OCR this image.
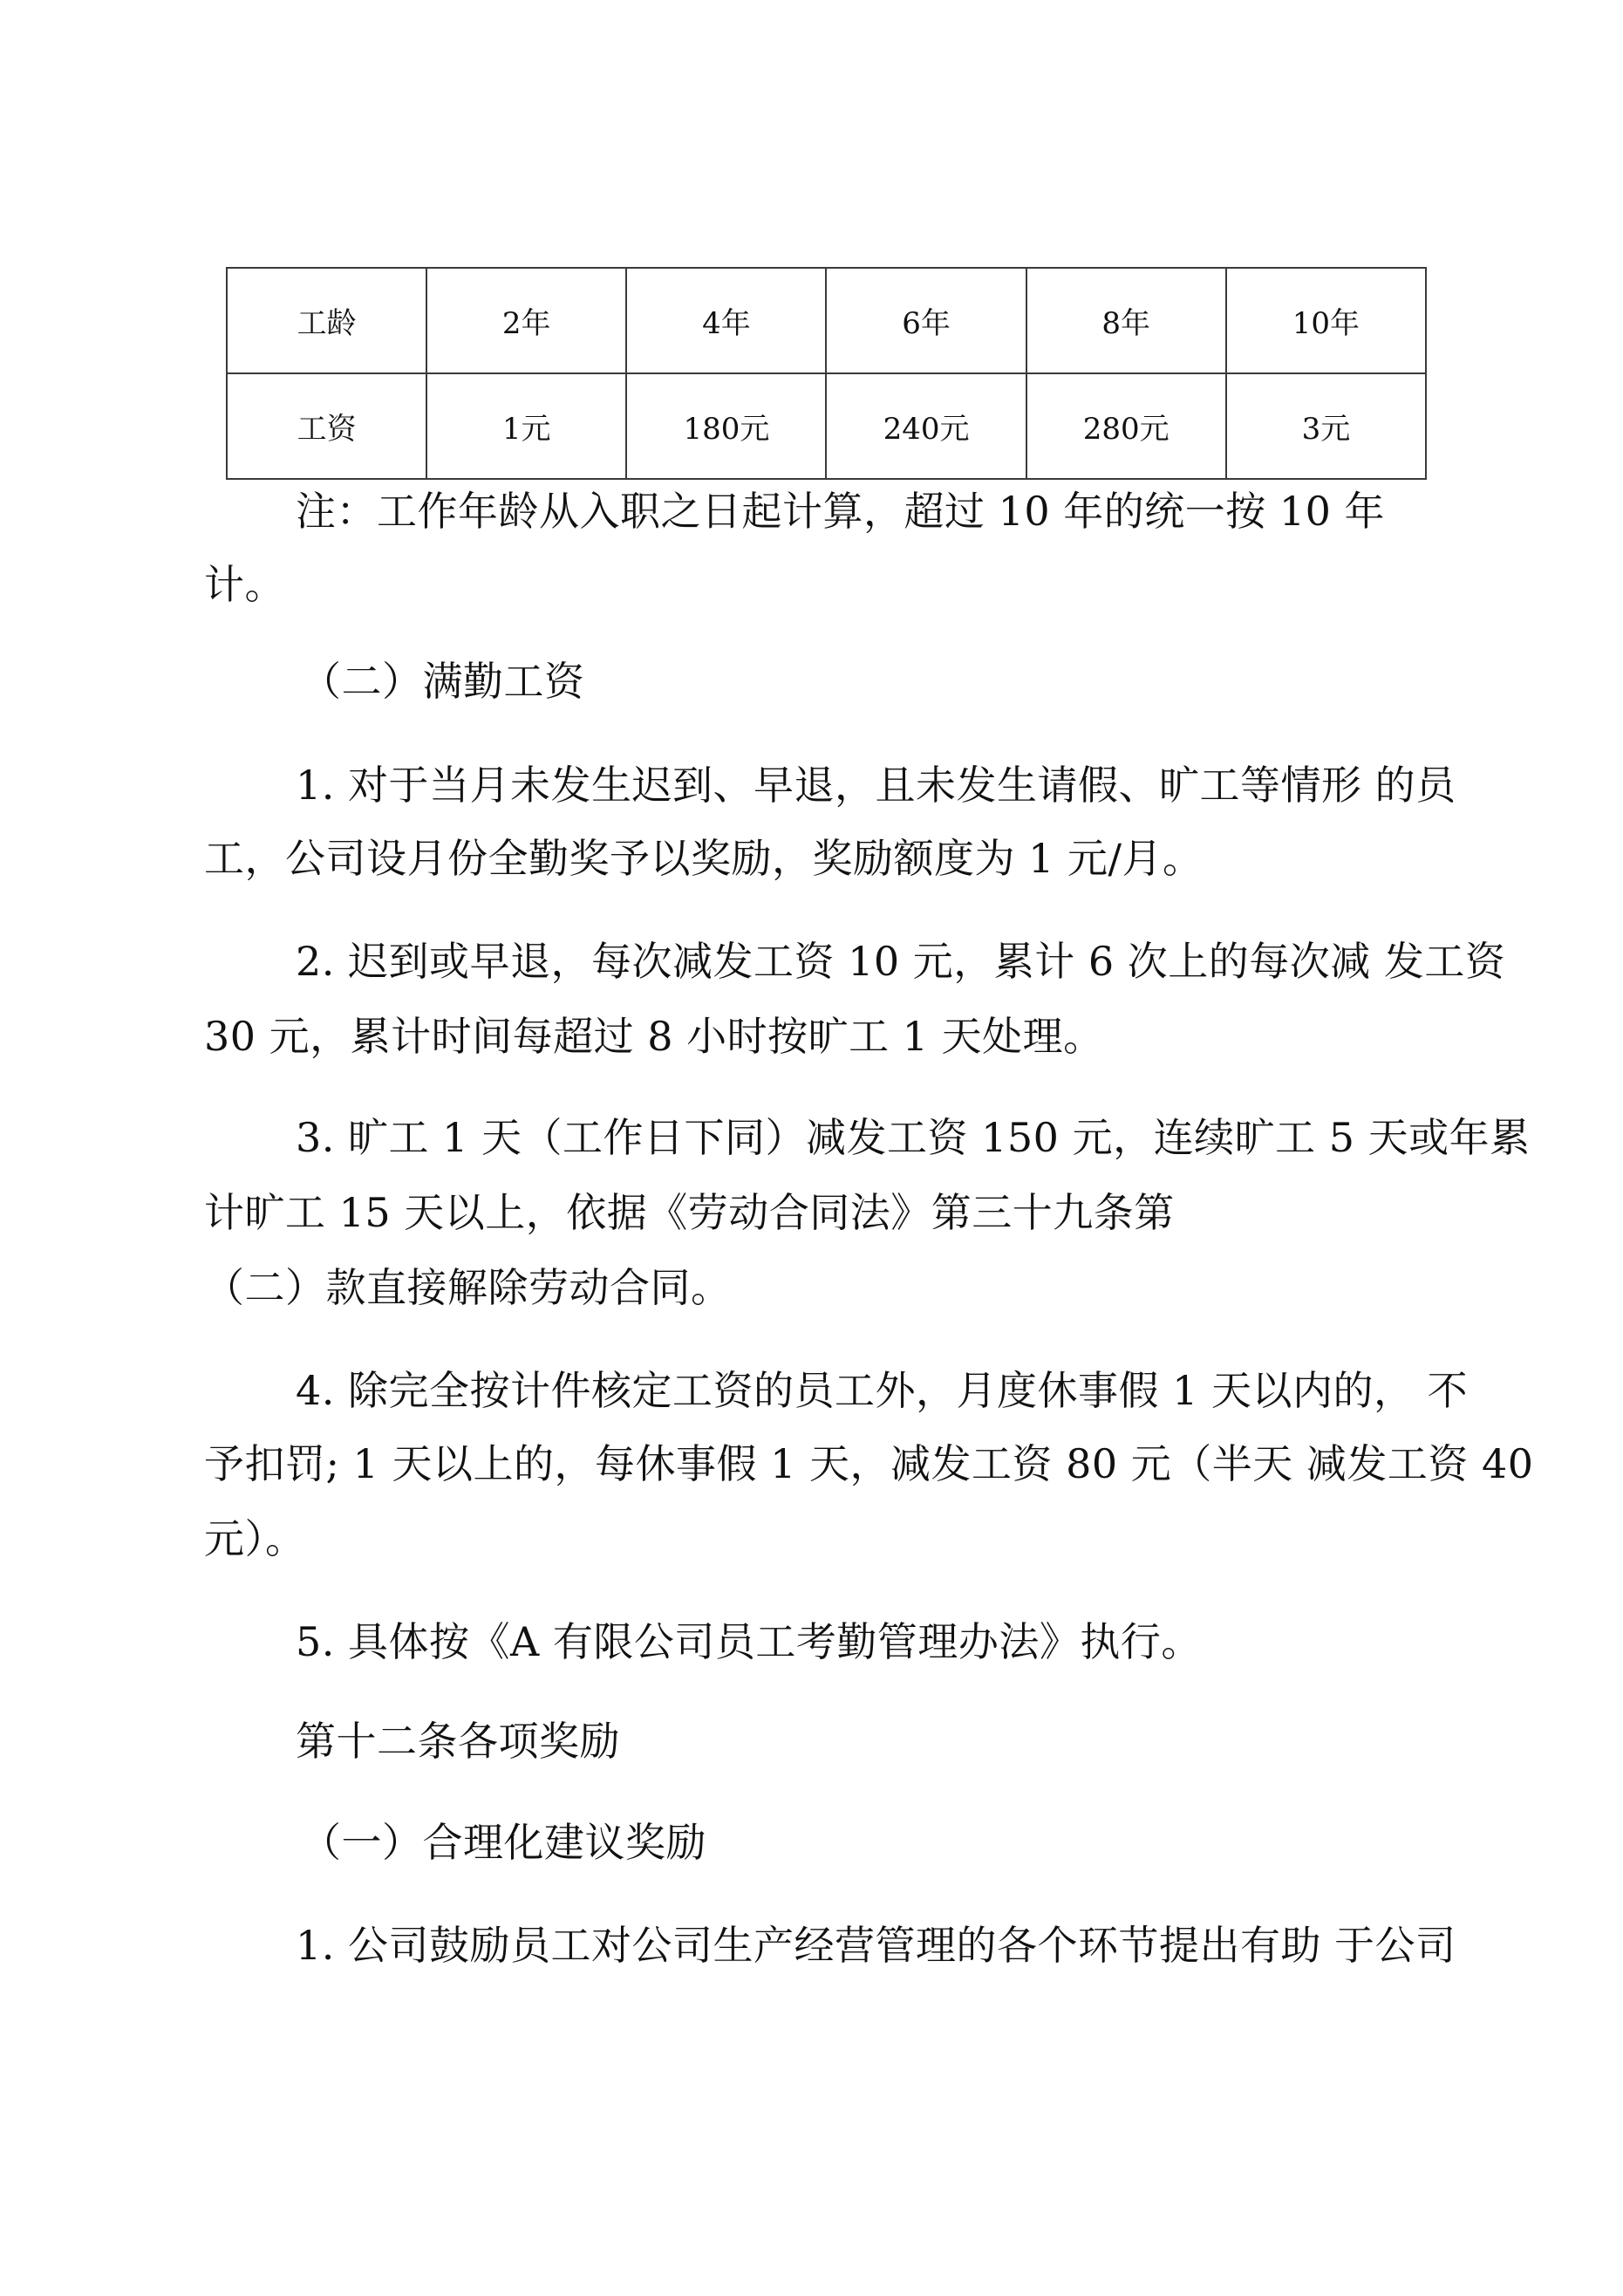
工龄	2年	4年	6年	8年	10年
工资	1元	180元	240元	280元	3元
注：工作年龄从入职之日起计算，超过 10 年的统一按 10 年
计。
（二）满勤工资
1. 对于当月未发生迟到、早退，且未发生请假、旷工等情形 的员
工，公司设月份全勤奖予以奖励，奖励额度为 1 元/月。
2. 迟到或早退，每次减发工资 10 元，累计 6 次上的每次减 发工资
30 元，累计时间每超过 8 小时按旷工 1 天处理。
3. 旷工 1 天（工作日下同）减发工资 150 元，连续旷工 5 天或年累
计旷工 15 天以上，依据《劳动合同法》第三十九条第
（二）款直接解除劳动合同。
4. 除完全按计件核定工资的员工外，月度休事假 1 天以内的， 不
予扣罚; 1 天以上的，每休事假 1 天，减发工资 80 元（半天 减发工资 40
元）。
5. 具体按《A 有限公司员工考勤管理办法》执行。
第十二条各项奖励
（一）合理化建议奖励
1. 公司鼓励员工对公司生产经营管理的各个环节提出有助 于公司
